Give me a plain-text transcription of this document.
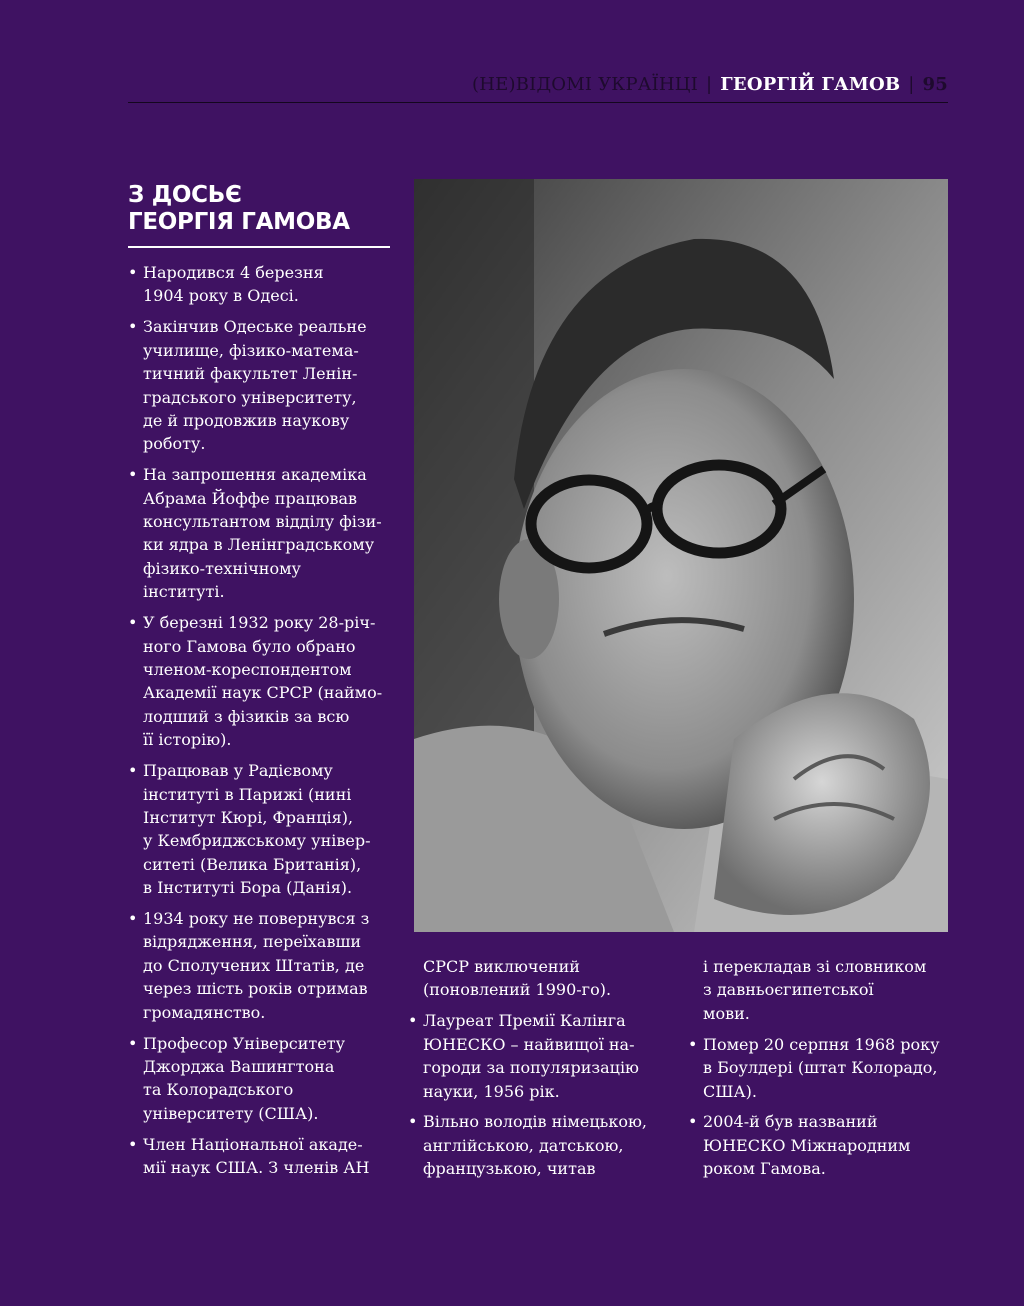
(НЕ)ВІДОМІ УКРАЇНЦІ | ГЕОРГІЙ ГАМОВ | 95
З ДОСЬЄ
ГЕОРГІЯ ГАМОВА
• Народився 4 березня
1904 року в Одесі.
• Закінчив Одеське реальне
училище, фізико-матема-
тичний факультет Ленін-
градського університету,
де й продовжив наукову
роботу.
• На запрошення академіка
Абрама Йоффе працював
консультантом відділу фізи-
ки ядра в Ленінградському
фізико-технічному
інституті.
• У березні 1932 року 28-річ-
ного Гамова було обрано
членом-кореспондентом
Академії наук СРСР (наймо-
лодший з фізиків за всю
її історію).
• Працював у Радієвому
інституті в Парижі (нині
Інститут Кюрі, Франція),
у Кембриджському універ-
ситеті (Велика Британія),
в Інституті Бора (Данія).
• 1934 року не повернувся з
відрядження, переїхавши
до Сполучених Штатів, де
через шість років отримав
громадянство.
• Професор Університету
Джорджа Вашингтона
та Колорадського
університету (США).
• Член Національної акаде-
мії наук США. З членів АН
СРСР виключений
(поновлений 1990-го).
• Лауреат Премії Калінга
ЮНЕСКО – найвищої на-
городи за популяризацію
науки, 1956 рік.
• Вільно володів німецькою,
англійською, датською,
французькою, читав
і перекладав зі словником
з давньоєгипетської
мови.
• Помер 20 серпня 1968 року
в Боулдері (штат Колорадо,
США).
• 2004-й був названий
ЮНЕСКО Міжнародним
роком Гамова.
